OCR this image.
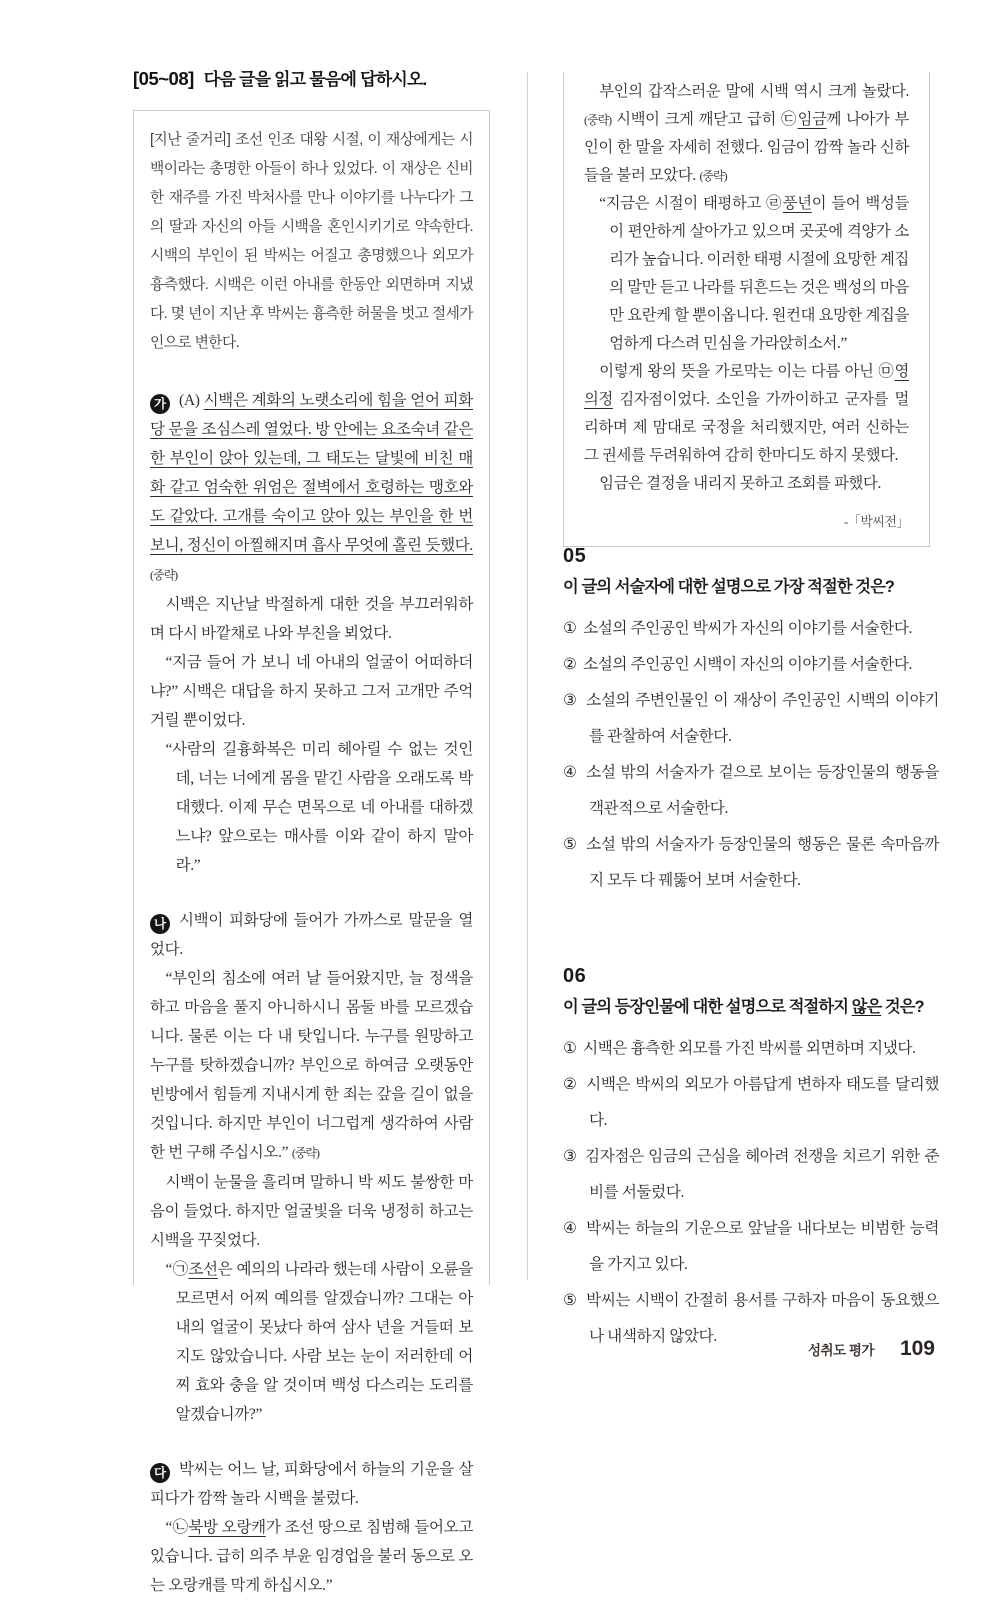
[05~08] 다음 글을 읽고 물음에 답하시오.

[지난 줄거리] 조선 인조 대왕 시절, 이 재상에게는 시백이라는 총명한 아들이 하나 있었다. 이 재상은 신비한 재주를 가진 박처사를 만나 이야기를 나누다가 그의 딸과 자신의 아들 시백을 혼인시키기로 약속한다. 시백의 부인이 된 박씨는 어질고 총명했으나 외모가 흉측했다. 시백은 이런 아내를 한동안 외면하며 지냈다. 몇 년이 지난 후 박씨는 흉측한 허물을 벗고 절세가인으로 변한다.

가 (A) 시백은 계화의 노랫소리에 힘을 얻어 피화당 문을 조심스레 열었다. 방 안에는 요조숙녀 같은 한 부인이 앉아 있는데, 그 태도는 달빛에 비친 매화 같고 엄숙한 위엄은 절벽에서 호령하는 맹호와도 같았다. 고개를 숙이고 앉아 있는 부인을 한 번 보니, 정신이 아찔해지며 흡사 무엇에 홀린 듯했다. (중략)

시백은 지난날 박절하게 대한 것을 부끄러워하며 다시 바깥채로 나와 부친을 뵈었다.

“지금 들어 가 보니 네 아내의 얼굴이 어떠하더냐?” 시백은 대답을 하지 못하고 그저 고개만 주억거릴 뿐이었다.

“사람의 길흉화복은 미리 헤아릴 수 없는 것인데, 너는 너에게 몸을 맡긴 사람을 오래도록 박대했다. 이제 무슨 면목으로 네 아내를 대하겠느냐? 앞으로는 매사를 이와 같이 하지 말아라.”

나 시백이 피화당에 들어가 가까스로 말문을 열었다.

“부인의 침소에 여러 날 들어왔지만, 늘 정색을 하고 마음을 풀지 아니하시니 몸둘 바를 모르겠습니다. 물론 이는 다 내 탓입니다. 누구를 원망하고 누구를 탓하겠습니까? 부인으로 하여금 오랫동안 빈방에서 힘들게 지내시게 한 죄는 갚을 길이 없을 것입니다. 하지만 부인이 너그럽게 생각하여 사람 한 번 구해 주십시오.” (중략)

시백이 눈물을 흘리며 말하니 박 씨도 불쌍한 마음이 들었다. 하지만 얼굴빛을 더욱 냉정히 하고는 시백을 꾸짖었다.

“㉠조선은 예의의 나라라 했는데 사람이 오륜을 모르면서 어찌 예의를 알겠습니까? 그대는 아내의 얼굴이 못났다 하여 삼사 년을 거들떠 보지도 않았습니다. 사람 보는 눈이 저러한데 어찌 효와 충을 알 것이며 백성 다스리는 도리를 알겠습니까?”

다 박씨는 어느 날, 피화당에서 하늘의 기운을 살피다가 깜짝 놀라 시백을 불렀다.

“㉡북방 오랑캐가 조선 땅으로 침범해 들어오고 있습니다. 급히 의주 부윤 임경업을 불러 동으로 오는 오랑캐를 막게 하십시오.”

부인의 갑작스러운 말에 시백 역시 크게 놀랐다. (중략) 시백이 크게 깨닫고 급히 ㉢임금께 나아가 부인이 한 말을 자세히 전했다. 임금이 깜짝 놀라 신하들을 불러 모았다. (중략)

“지금은 시절이 태평하고 ㉣풍년이 들어 백성들이 편안하게 살아가고 있으며 곳곳에 격양가 소리가 높습니다. 이러한 태평 시절에 요망한 계집의 말만 듣고 나라를 뒤흔드는 것은 백성의 마음만 요란케 할 뿐이옵니다. 원컨대 요망한 계집을 엄하게 다스려 민심을 가라앉히소서.”

이렇게 왕의 뜻을 가로막는 이는 다름 아닌 ㉤영의정 김자점이었다. 소인을 가까이하고 군자를 멀리하며 제 맘대로 국정을 처리했지만, 여러 신하는 그 권세를 두려워하여 감히 한마디도 하지 못했다.

임금은 결정을 내리지 못하고 조회를 파했다.

-「박씨전」

05
이 글의 서술자에 대한 설명으로 가장 적절한 것은?
① 소설의 주인공인 박씨가 자신의 이야기를 서술한다.
② 소설의 주인공인 시백이 자신의 이야기를 서술한다.
③ 소설의 주변인물인 이 재상이 주인공인 시백의 이야기를 관찰하여 서술한다.
④ 소설 밖의 서술자가 겉으로 보이는 등장인물의 행동을 객관적으로 서술한다.
⑤ 소설 밖의 서술자가 등장인물의 행동은 물론 속마음까지 모두 다 꿰뚫어 보며 서술한다.
06
이 글의 등장인물에 대한 설명으로 적절하지 않은 것은?
① 시백은 흉측한 외모를 가진 박씨를 외면하며 지냈다.
② 시백은 박씨의 외모가 아름답게 변하자 태도를 달리했다.
③ 김자점은 임금의 근심을 헤아려 전쟁을 치르기 위한 준비를 서둘렀다.
④ 박씨는 하늘의 기운으로 앞날을 내다보는 비범한 능력을 가지고 있다.
⑤ 박씨는 시백이 간절히 용서를 구하자 마음이 동요했으나 내색하지 않았다.
성취도 평가 109
